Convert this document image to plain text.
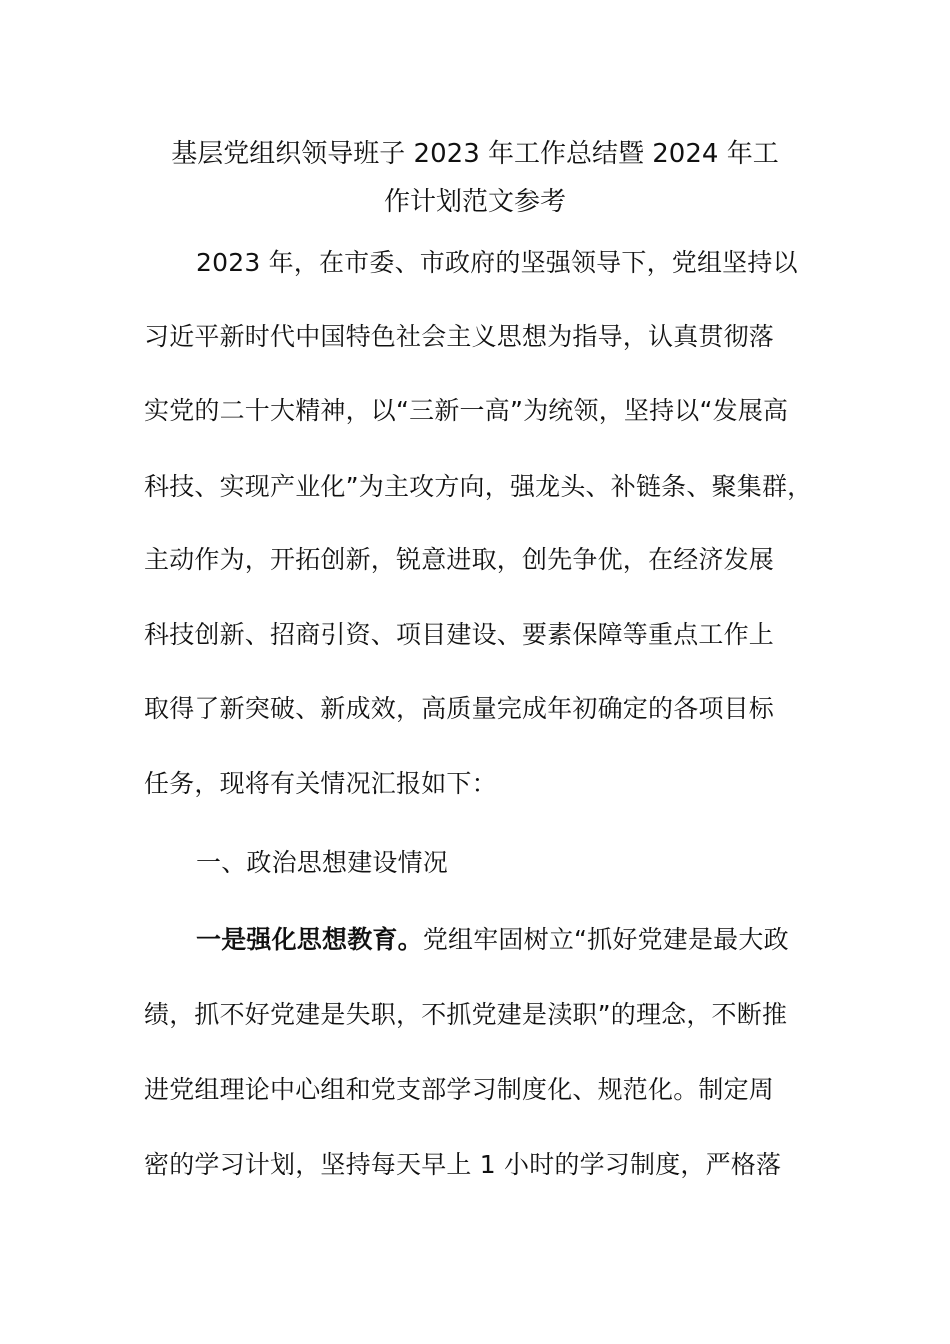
基层党组织领导班子 2023 年工作总结暨 2024 年工
作计划范文参考
2023 年，在市委、市政府的坚强领导下，党组坚持以
习近平新时代中国特色社会主义思想为指导，认真贯彻落
实党的二十大精神，以“三新一高”为统领，坚持以“发展高
科技、实现产业化”为主攻方向，强龙头、补链条、聚集群，
主动作为，开拓创新，锐意进取，创先争优，在经济发展
科技创新、招商引资、项目建设、要素保障等重点工作上
取得了新突破、新成效，高质量完成年初确定的各项目标
任务，现将有关情况汇报如下：
一、政治思想建设情况
一是强化思想教育。党组牢固树立“抓好党建是最大政
绩，抓不好党建是失职，不抓党建是渎职”的理念，不断推
进党组理论中心组和党支部学习制度化、规范化。制定周
密的学习计划，坚持每天早上 1 小时的学习制度，严格落
